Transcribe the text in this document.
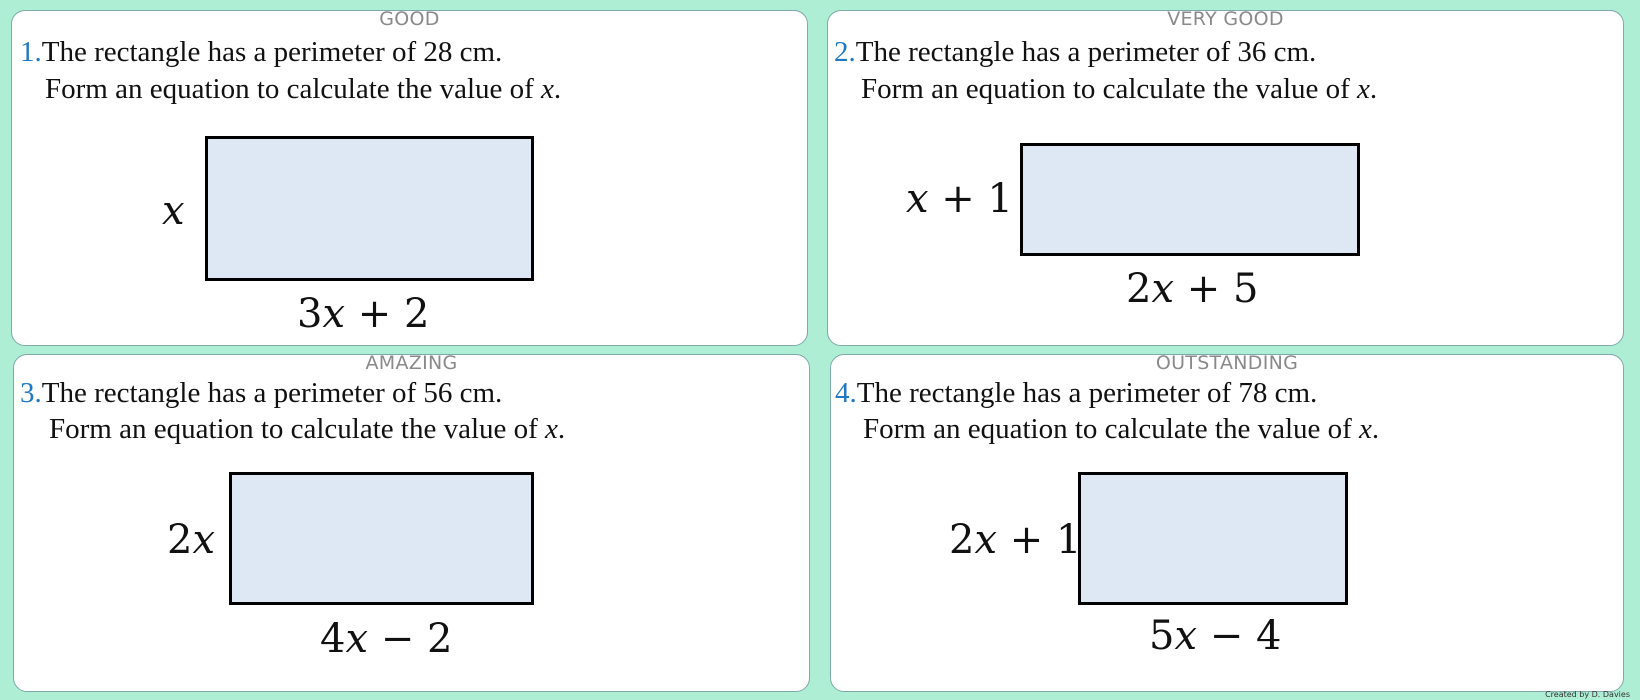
GOOD
1.The rectangle has a perimeter of 28 cm.
Form an equation to calculate the value of x.
𝑥
3𝑥 + 2
VERY GOOD
2.The rectangle has a perimeter of 36 cm.
Form an equation to calculate the value of x.
𝑥 + 1
2𝑥 + 5
AMAZING
3.The rectangle has a perimeter of 56 cm.
Form an equation to calculate the value of x.
2𝑥
4𝑥 − 2
OUTSTANDING
4.The rectangle has a perimeter of 78 cm.
Form an equation to calculate the value of x.
2𝑥 + 1
5𝑥 − 4
Created by D. Davies
